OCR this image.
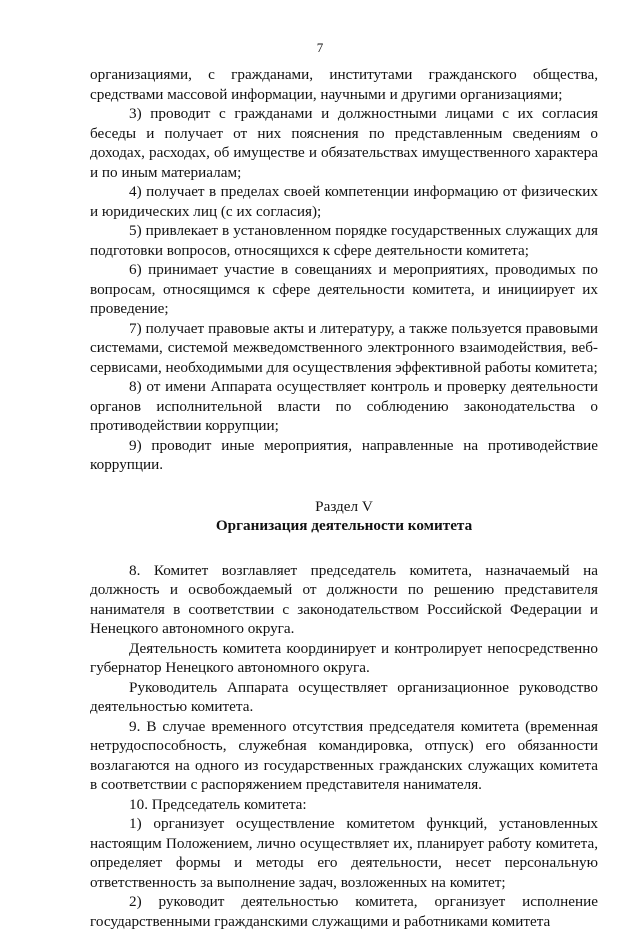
7

организациями, с гражданами, институтами гражданского общества, средствами массовой информации, научными и другими организациями;

3) проводит с гражданами и должностными лицами с их согласия беседы и получает от них пояснения по представленным сведениям о доходах, расходах, об имуществе и обязательствах имущественного характера и по иным материалам;

4) получает в пределах своей компетенции информацию от физических и юридических лиц (с их согласия);

5) привлекает в установленном порядке государственных служащих для подготовки вопросов, относящихся к сфере деятельности комитета;

6) принимает участие в совещаниях и мероприятиях, проводимых по вопросам, относящимся к сфере деятельности комитета, и инициирует их проведение;

7) получает правовые акты и литературу, а также пользуется правовыми системами, системой межведомственного электронного взаимодействия, веб-сервисами, необходимыми для осуществления эффективной работы комитета;

8) от имени Аппарата осуществляет контроль и проверку деятельности органов исполнительной власти по соблюдению законодательства о противодействии коррупции;

9) проводит иные мероприятия, направленные на противодействие коррупции.

Раздел V
Организация деятельности комитета

8. Комитет возглавляет председатель комитета, назначаемый на должность и освобождаемый от должности по решению представителя нанимателя в соответствии с законодательством Российской Федерации и Ненецкого автономного округа.

Деятельность комитета координирует и контролирует непосредственно губернатор Ненецкого автономного округа.

Руководитель Аппарата осуществляет организационное руководство деятельностью комитета.

9. В случае временного отсутствия председателя комитета (временная нетрудоспособность, служебная командировка, отпуск) его обязанности возлагаются на одного из государственных гражданских служащих комитета в соответствии с распоряжением представителя нанимателя.

10. Председатель комитета:

1) организует осуществление комитетом функций, установленных настоящим Положением, лично осуществляет их, планирует работу комитета, определяет формы и методы его деятельности, несет персональную ответственность за выполнение задач, возложенных на комитет;

2) руководит деятельностью комитета, организует исполнение государственными гражданскими служащими и работниками комитета
